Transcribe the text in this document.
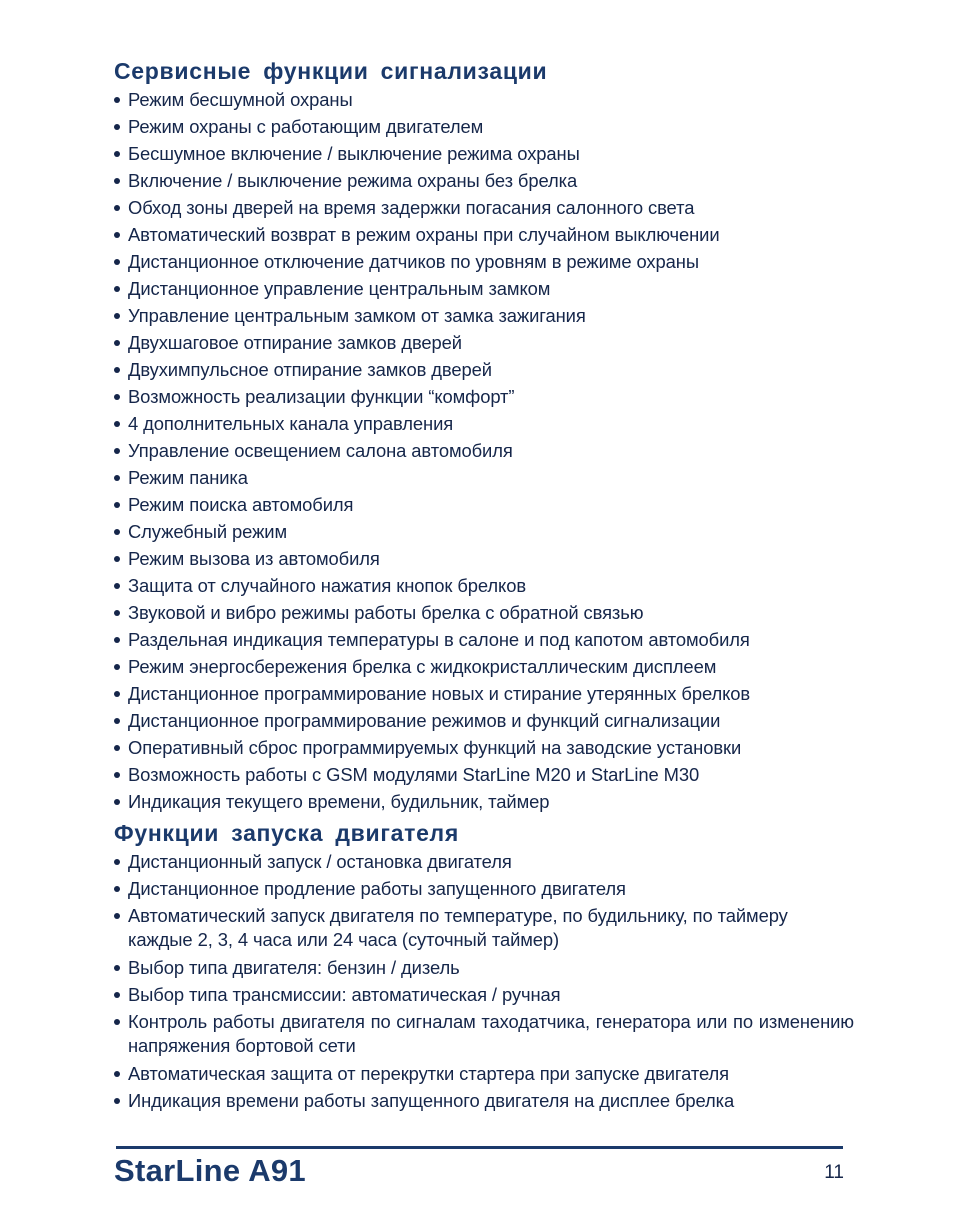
Сервисные функции сигнализации
Режим бесшумной охраны
Режим охраны с работающим двигателем
Бесшумное включение / выключение режима охраны
Включение / выключение режима охраны без брелка
Обход зоны дверей на время задержки погасания салонного света
Автоматический возврат в режим охраны при случайном выключении
Дистанционное отключение датчиков по уровням в режиме охраны
Дистанционное управление центральным замком
Управление центральным замком от замка зажигания
Двухшаговое отпирание замков дверей
Двухимпульсное отпирание замков дверей
Возможность реализации функции “комфорт”
4 дополнительных канала управления
Управление освещением салона автомобиля
Режим паника
Режим поиска автомобиля
Служебный режим
Режим вызова из автомобиля
Защита от случайного нажатия кнопок брелков
Звуковой и вибро режимы работы брелка с обратной связью
Раздельная индикация температуры в салоне и под капотом автомобиля
Режим энергосбережения брелка с жидкокристаллическим дисплеем
Дистанционное программирование новых и стирание утерянных брелков
Дистанционное программирование режимов и функций сигнализации
Оперативный сброс программируемых функций на заводские установки
Возможность работы с GSM модулями StarLine M20 и StarLine M30
Индикация текущего времени, будильник, таймер
Функции запуска двигателя
Дистанционный запуск / остановка двигателя
Дистанционное продление работы запущенного двигателя
Автоматический запуск двигателя по температуре, по будильнику, по таймеру каждые 2, 3, 4 часа или 24 часа (суточный таймер)
Выбор типа двигателя: бензин / дизель
Выбор типа трансмиссии: автоматическая / ручная
Контроль работы двигателя по сигналам таходатчика, генератора или по изменению напряжения бортовой сети
Автоматическая защита от перекрутки стартера при запуске двигателя
Индикация времени работы запущенного двигателя на дисплее брелка
StarLine A91	11
